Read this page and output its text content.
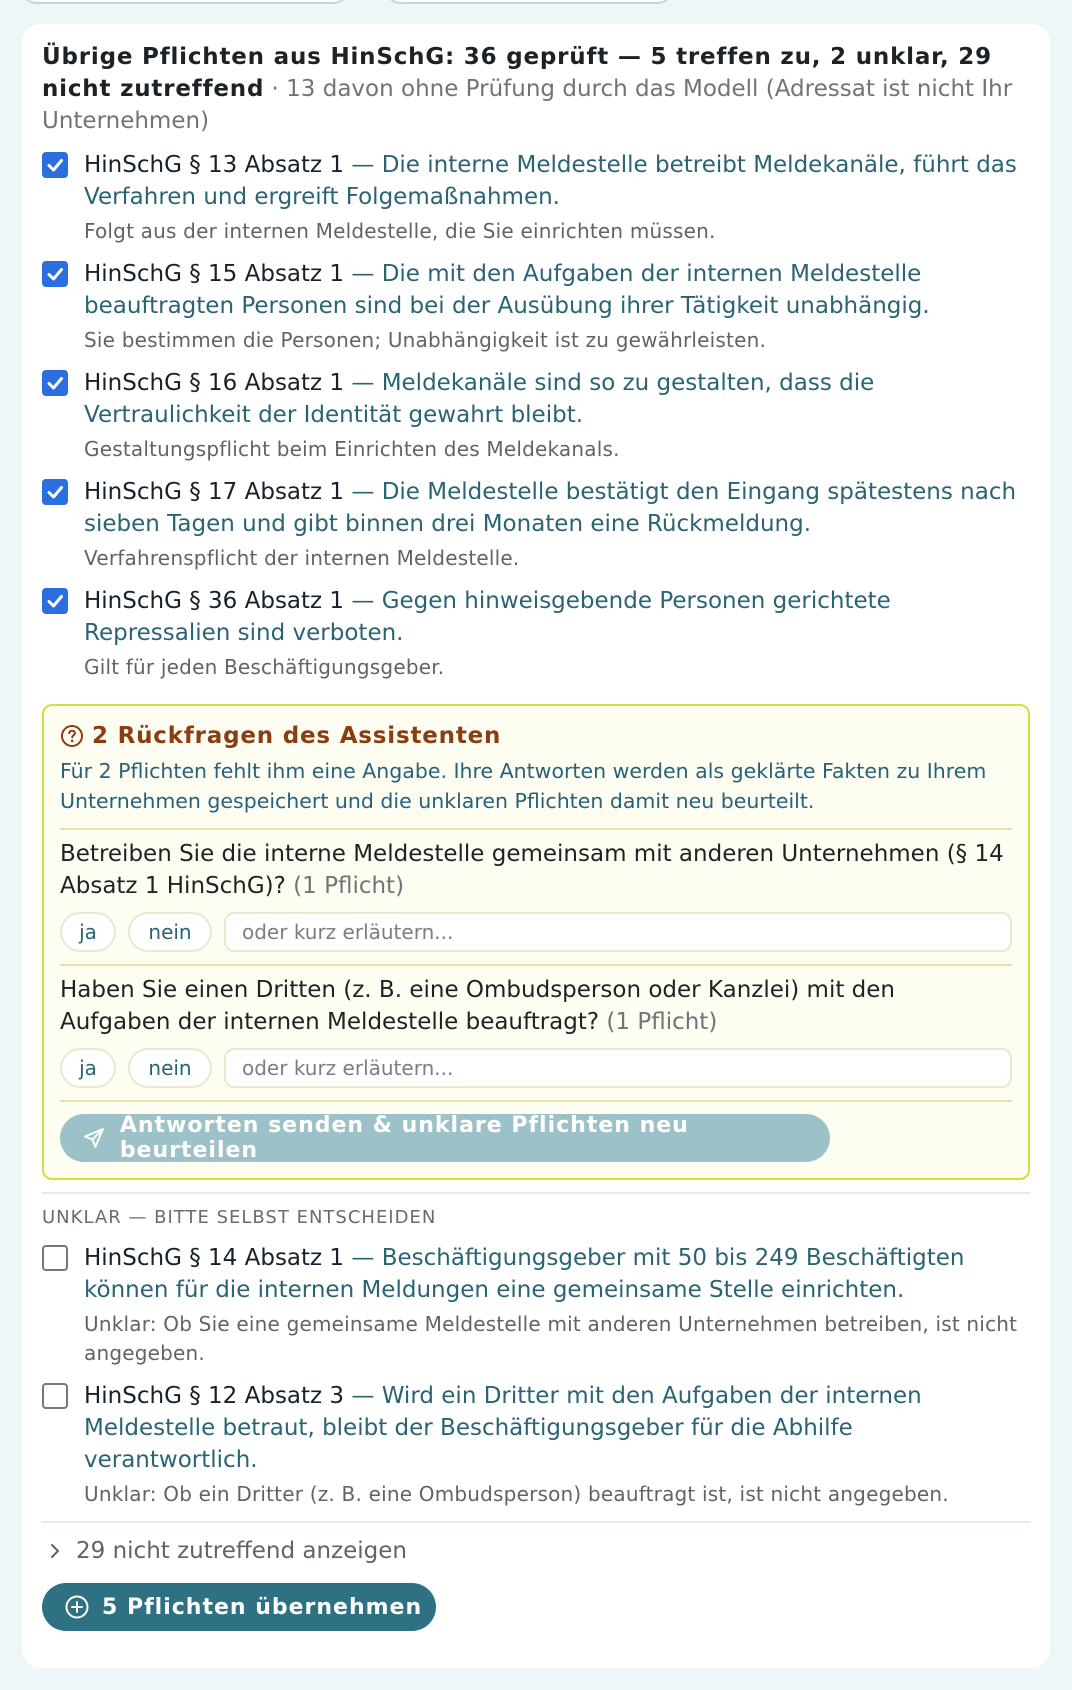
Übrige Pflichten aus HinSchG: 36 geprüft — 5 treffen zu, 2 unklar, 29 nicht zutreffend · 13 davon ohne Prüfung durch das Modell (Adressat ist nicht Ihr Unternehmen)
HinSchG § 13 Absatz 1 — Die interne Meldestelle betreibt Meldekanäle, führt das Verfahren und ergreift Folgemaßnahmen.
Folgt aus der internen Meldestelle, die Sie einrichten müssen.
HinSchG § 15 Absatz 1 — Die mit den Aufgaben der internen Meldestelle beauftragten Personen sind bei der Ausübung ihrer Tätigkeit unabhängig.
Sie bestimmen die Personen; Unabhängigkeit ist zu gewährleisten.
HinSchG § 16 Absatz 1 — Meldekanäle sind so zu gestalten, dass die Vertraulichkeit der Identität gewahrt bleibt.
Gestaltungspflicht beim Einrichten des Meldekanals.
HinSchG § 17 Absatz 1 — Die Meldestelle bestätigt den Eingang spätestens nach sieben Tagen und gibt binnen drei Monaten eine Rückmeldung.
Verfahrenspflicht der internen Meldestelle.
HinSchG § 36 Absatz 1 — Gegen hinweisgebende Personen gerichtete Repressalien sind verboten.
Gilt für jeden Beschäftigungsgeber.
2 Rückfragen des Assistenten
Für 2 Pflichten fehlt ihm eine Angabe. Ihre Antworten werden als geklärte Fakten zu Ihrem Unternehmen gespeichert und die unklaren Pflichten damit neu beurteilt.
Betreiben Sie die interne Meldestelle gemeinsam mit anderen Unternehmen (§ 14 Absatz 1 HinSchG)? (1 Pflicht)
ja	nein	oder kurz erläutern...
Haben Sie einen Dritten (z. B. eine Ombudsperson oder Kanzlei) mit den Aufgaben der internen Meldestelle beauftragt? (1 Pflicht)
ja	nein	oder kurz erläutern...
Antworten senden & unklare Pflichten neu beurteilen
UNKLAR — BITTE SELBST ENTSCHEIDEN
HinSchG § 14 Absatz 1 — Beschäftigungsgeber mit 50 bis 249 Beschäftigten können für die internen Meldungen eine gemeinsame Stelle einrichten.
Unklar: Ob Sie eine gemeinsame Meldestelle mit anderen Unternehmen betreiben, ist nicht angegeben.
HinSchG § 12 Absatz 3 — Wird ein Dritter mit den Aufgaben der internen Meldestelle betraut, bleibt der Beschäftigungsgeber für die Abhilfe verantwortlich.
Unklar: Ob ein Dritter (z. B. eine Ombudsperson) beauftragt ist, ist nicht angegeben.
29 nicht zutreffend anzeigen
5 Pflichten übernehmen
